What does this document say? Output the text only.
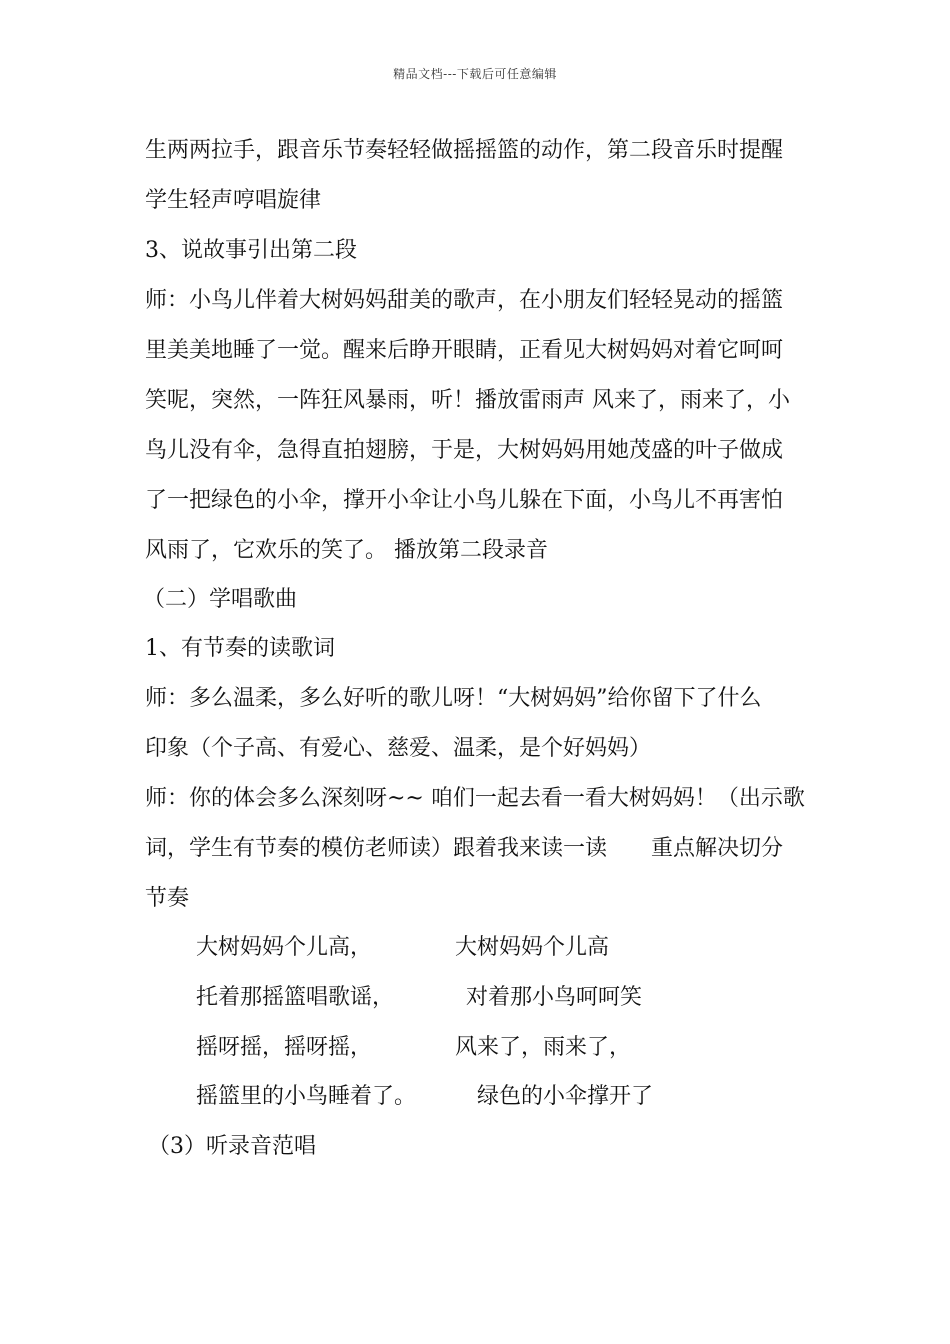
精品文档---下载后可任意编辑
生两两拉手，跟音乐节奏轻轻做摇摇篮的动作，第二段音乐时提醒
学生轻声哼唱旋律
3、说故事引出第二段
师：小鸟儿伴着大树妈妈甜美的歌声，在小朋友们轻轻晃动的摇篮
里美美地睡了一觉。醒来后睁开眼睛，正看见大树妈妈对着它呵呵
笑呢，突然，一阵狂风暴雨，听！播放雷雨声 风来了，雨来了，小
鸟儿没有伞，急得直拍翅膀，于是，大树妈妈用她茂盛的叶子做成
了一把绿色的小伞，撑开小伞让小鸟儿躲在下面，小鸟儿不再害怕
风雨了，它欢乐的笑了。 播放第二段录音
（二）学唱歌曲
1、有节奏的读歌词
师：多么温柔，多么好听的歌儿呀！“大树妈妈”给你留下了什么
印象（个子高、有爱心、慈爱、温柔，是个好妈妈）
师：你的体会多么深刻呀~~ 咱们一起去看一看大树妈妈！（出示歌
词，学生有节奏的模仿老师读）跟着我来读一读　　重点解决切分
节奏
大树妈妈个儿高，	大树妈妈个儿高
托着那摇篮唱歌谣，	对着那小鸟呵呵笑
摇呀摇，摇呀摇，	风来了，雨来了，
摇篮里的小鸟睡着了。	绿色的小伞撑开了
（3）听录音范唱
